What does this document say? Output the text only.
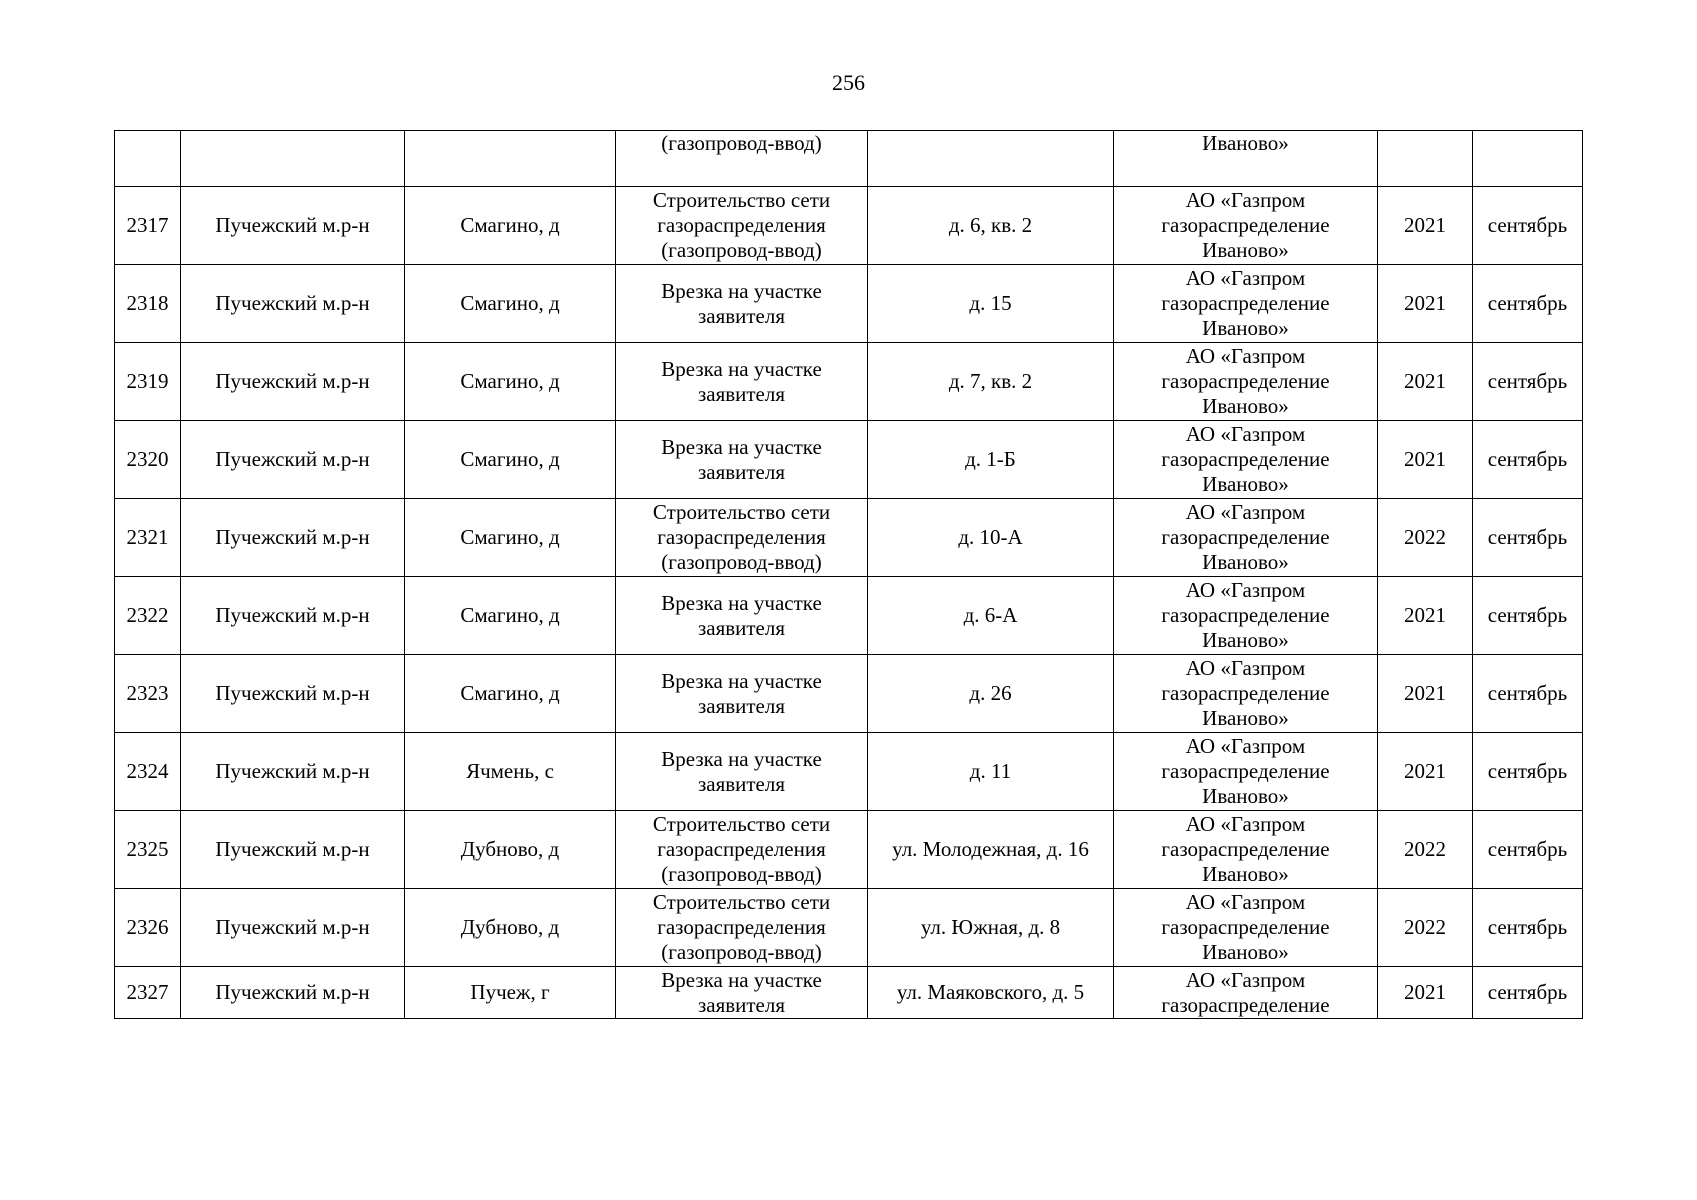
256

			(газопровод-ввод)		Иваново»		

2317	Пучежский м.р-н	Смагино, д	Строительство сети
газораспределения
(газопровод-ввод)	д. 6, кв. 2	АО «Газпром
газораспределение
Иваново»	2021	сентябрь

2318	Пучежский м.р-н	Смагино, д	Врезка на участке
заявителя	д. 15	АО «Газпром
газораспределение
Иваново»	2021	сентябрь

2319	Пучежский м.р-н	Смагино, д	Врезка на участке
заявителя	д. 7, кв. 2	АО «Газпром
газораспределение
Иваново»	2021	сентябрь

2320	Пучежский м.р-н	Смагино, д	Врезка на участке
заявителя	д. 1-Б	АО «Газпром
газораспределение
Иваново»	2021	сентябрь

2321	Пучежский м.р-н	Смагино, д	Строительство сети
газораспределения
(газопровод-ввод)	д. 10-А	АО «Газпром
газораспределение
Иваново»	2022	сентябрь

2322	Пучежский м.р-н	Смагино, д	Врезка на участке
заявителя	д. 6-А	АО «Газпром
газораспределение
Иваново»	2021	сентябрь

2323	Пучежский м.р-н	Смагино, д	Врезка на участке
заявителя	д. 26	АО «Газпром
газораспределение
Иваново»	2021	сентябрь

2324	Пучежский м.р-н	Ячмень, с	Врезка на участке
заявителя	д. 11	АО «Газпром
газораспределение
Иваново»	2021	сентябрь

2325	Пучежский м.р-н	Дубново, д	Строительство сети
газораспределения
(газопровод-ввод)	ул. Молодежная, д. 16	АО «Газпром
газораспределение
Иваново»	2022	сентябрь

2326	Пучежский м.р-н	Дубново, д	Строительство сети
газораспределения
(газопровод-ввод)	ул. Южная, д. 8	АО «Газпром
газораспределение
Иваново»	2022	сентябрь

2327	Пучежский м.р-н	Пучеж, г	Врезка на участке
заявителя	ул. Маяковского, д. 5	АО «Газпром
газораспределение	2021	сентябрь
